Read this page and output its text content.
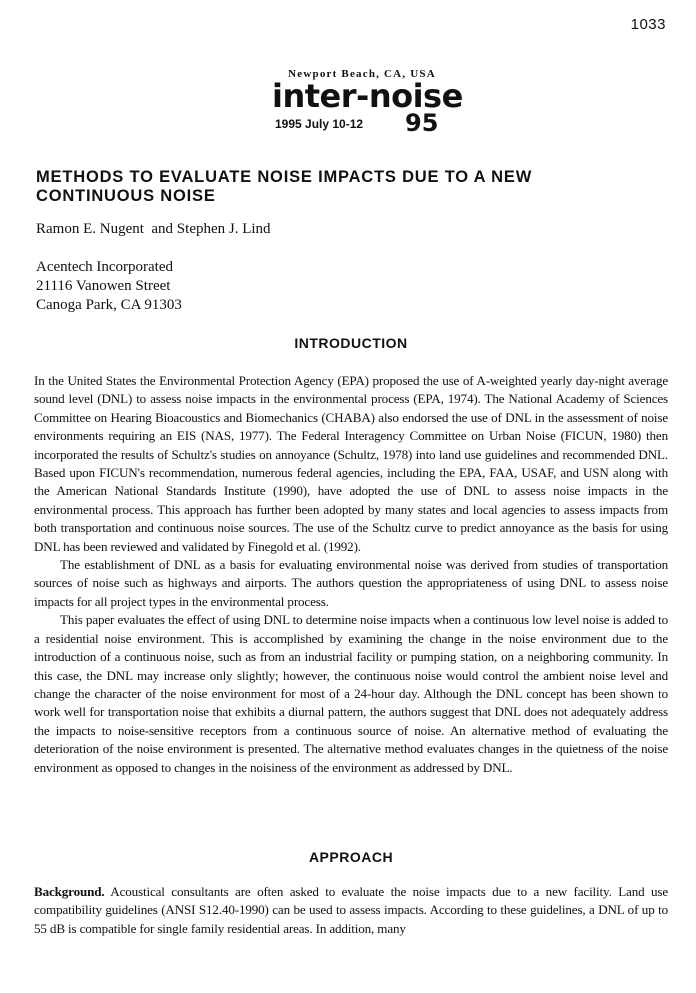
1033
Newport Beach, CA, USA
inter-noise
1995 July 10-12 95
METHODS TO EVALUATE NOISE IMPACTS DUE TO A NEW
CONTINUOUS NOISE
Ramon E. Nugent  and Stephen J. Lind
Acentech Incorporated
21116 Vanowen Street
Canoga Park, CA 91303
INTRODUCTION

In the United States the Environmental Protection Agency (EPA) proposed the use of A-weighted yearly day-night average sound level (DNL) to assess noise impacts in the environmental process (EPA, 1974). The National Academy of Sciences Committee on Hearing Bioacoustics and Biomechanics (CHABA) also endorsed the use of DNL in the assessment of noise environments requiring an EIS (NAS, 1977). The Federal Interagency Committee on Urban Noise (FICUN, 1980) then incorporated the results of Schultz's studies on annoyance (Schultz, 1978) into land use guidelines and recommended DNL. Based upon FICUN's recommendation, numerous federal agencies, including the EPA, FAA, USAF, and USN along with the American National Standards Institute (1990), have adopted the use of DNL to assess noise impacts in the environmental process. This approach has further been adopted by many states and local agencies to assess impacts from both transportation and continuous noise sources. The use of the Schultz curve to predict annoyance as the basis for using DNL has been reviewed and validated by Finegold et al. (1992).

The establishment of DNL as a basis for evaluating environmental noise was derived from studies of transportation sources of noise such as highways and airports. The authors question the appropriateness of using DNL to assess noise impacts for all project types in the environmental process.

This paper evaluates the effect of using DNL to determine noise impacts when a continuous low level noise is added to a residential noise environment. This is accomplished by examining the change in the noise environment due to the introduction of a continuous noise, such as from an industrial facility or pumping station, on a neighboring community. In this case, the DNL may increase only slightly; however, the continuous noise would control the ambient noise level and change the character of the noise environment for most of a 24-hour day. Although the DNL concept has been shown to work well for transportation noise that exhibits a diurnal pattern, the authors suggest that DNL does not adequately address the impacts to noise-sensitive receptors from a continuous source of noise. An alternative method of evaluating the deterioration of the noise environment is presented. The alternative method evaluates changes in the quietness of the noise environment as opposed to changes in the noisiness of the environment as addressed by DNL.

APPROACH

Background. Acoustical consultants are often asked to evaluate the noise impacts due to a new facility. Land use compatibility guidelines (ANSI S12.40-1990) can be used to assess impacts. According to these guidelines, a DNL of up to 55 dB is compatible for single family residential areas. In addition, many
